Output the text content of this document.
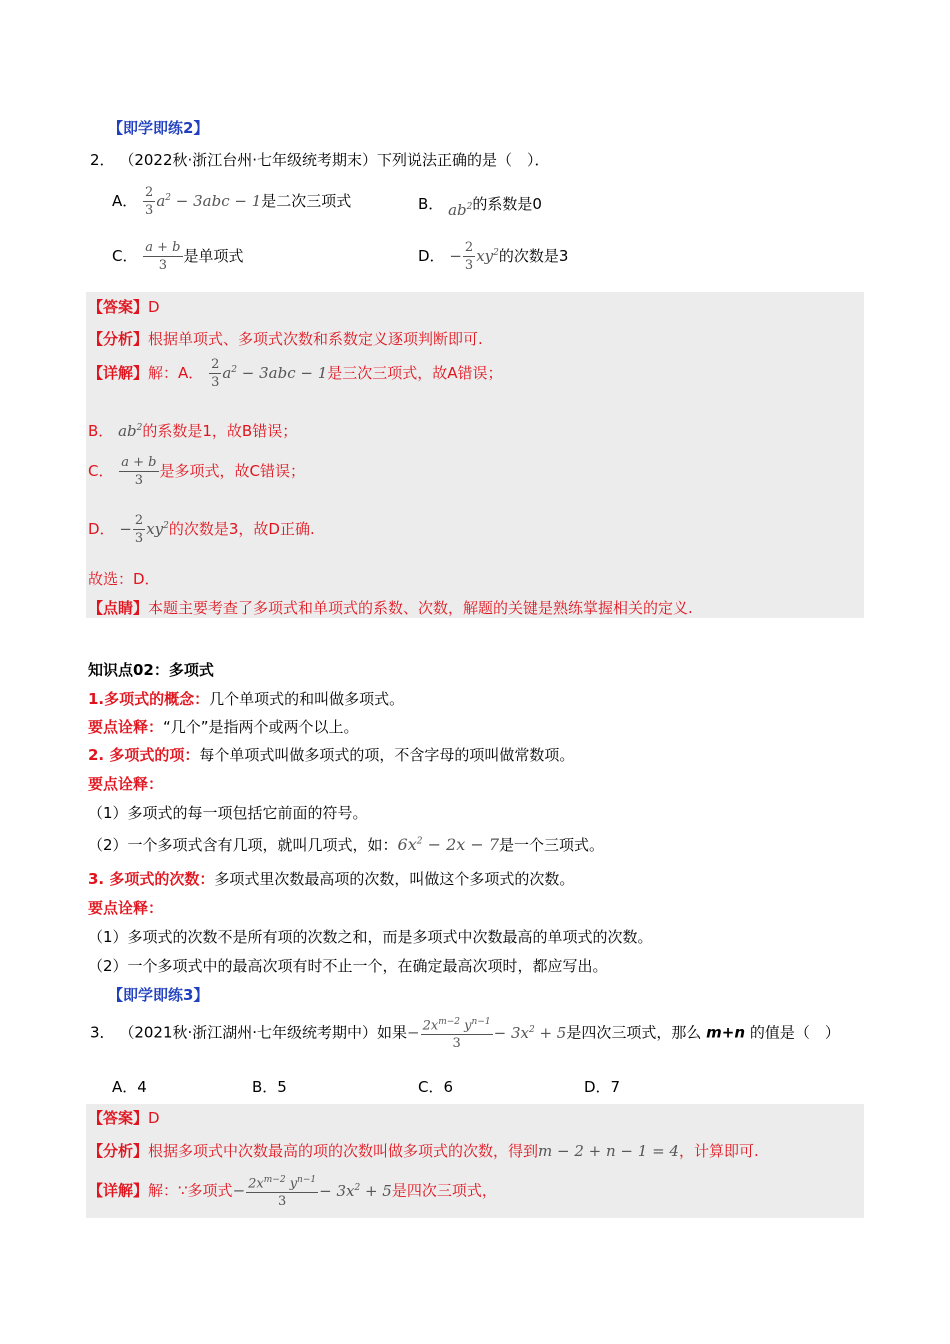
【即学即练2】
2． （2022秋·浙江台州·七年级统考期末）下列说法正确的是（　）．
A． $\frac{2}{3} a^2 - 3abc - 1$是二次三项式	B． $ab^2$的系数是0
C． $\frac{a + b}{3}$ 是单项式	D． − $\frac{2}{3} xy^2$的次数是3
【答案】D
【分析】根据单项式、多项式次数和系数定义逐项判断即可.
【详解】解：A． $\frac{2}{3} a^2 - 3abc - 1$是三次三项式，故A错误；
B． $ab^2$的系数是1，故B错误；
C． $\frac{a + b}{3}$ 是多项式，故C错误；
D． − $\frac{2}{3} xy^2$的次数是3，故D正确.
故选：D．
【点睛】本题主要考查了多项式和单项式的系数、次数，解题的关键是熟练掌握相关的定义.
知识点02：多项式
1.多项式的概念：几个单项式的和叫做多项式。
要点诠释：“几个”是指两个或两个以上。
2. 多项式的项：每个单项式叫做多项式的项，不含字母的项叫做常数项。
要点诠释：
（1）多项式的每一项包括它前面的符号。
（2）一个多项式含有几项，就叫几项式，如：$6x^2 - 2x - 7$是一个三项式。
3. 多项式的次数：多项式里次数最高项的次数，叫做这个多项式的次数。
要点诠释：
（1）多项式的次数不是所有项的次数之和，而是多项式中次数最高的单项式的次数。
（2）一个多项式中的最高次项有时不止一个，在确定最高次项时，都应写出。
【即学即练3】
3． （2021秋·浙江湖州·七年级统考期中）如果− $\frac{2x^{m-2} y^{n-1}}{3} - 3x^2 + 5$是四次三项式，那么 m+n 的值是（　）
A．4	B．5	C．6	D．7
【答案】D
【分析】根据多项式中次数最高的项的次数叫做多项式的次数，得到m − 2 + n − 1 = 4，计算即可.
【详解】解：∵多项式− $\frac{2x^{m-2} y^{n-1}}{3} - 3x^2 + 5$是四次三项式，
